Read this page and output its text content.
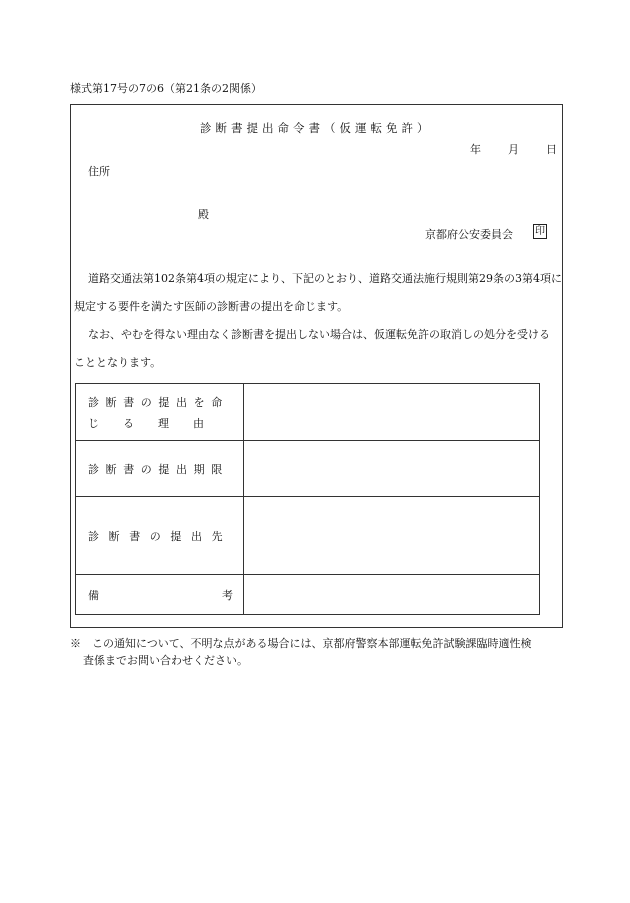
様式第17号の7の6（第21条の2関係）
診断書提出命令書（仮運転免許）
年 月 日
住所
殿
京都府公安委員会 印
道路交通法第102条第4項の規定により、下記のとおり、道路交通法施行規則第29条の3第4項に
規定する要件を満たす医師の診断書の提出を命じます。
なお、やむを得ない理由なく診断書を提出しない場合は、仮運転免許の取消しの処分を受ける
こととなります。
診断書の提出を命
じる理由	

診断書の提出期限	
診断書の提出先	

備 考	

※　この通知について、不明な点がある場合には、京都府警察本部運転免許試験課臨時適性検
査係までお問い合わせください。
